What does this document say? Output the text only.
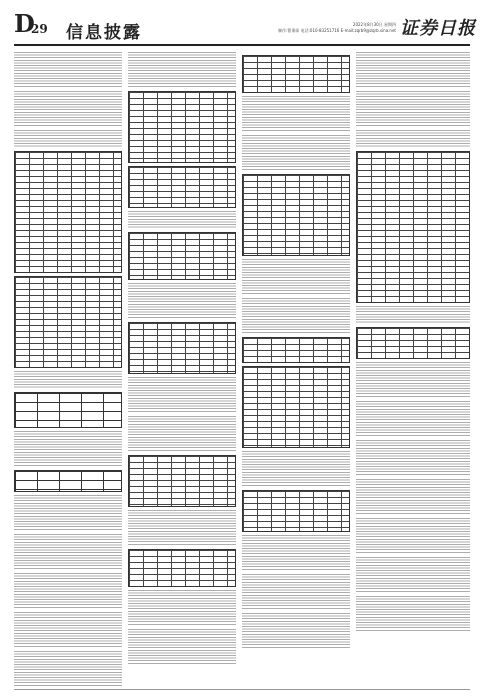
D
29 信息披露	2022年8月30日 星期四
制作:曹秉琛 电话:010-83251716 E-mail:zqrb9@zqrb.sina.net 证券日报
